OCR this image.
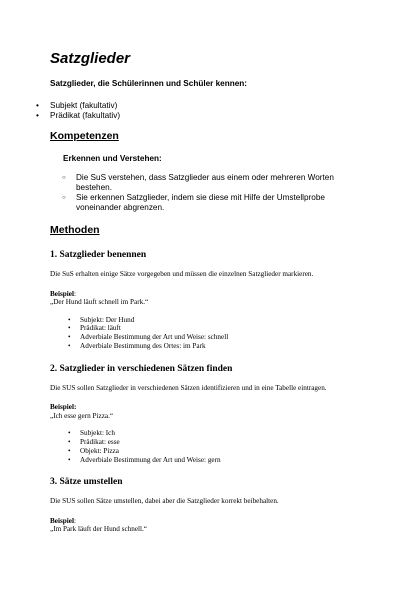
Satzglieder
Satzglieder, die Schülerinnen und Schüler kennen:
• Subjekt (fakultativ)
• Prädikat (fakultativ)
Kompetenzen
Erkennen und Verstehen:
○ Die SuS verstehen, dass Satzglieder aus einem oder mehreren Worten bestehen.
○ Sie erkennen Satzglieder, indem sie diese mit Hilfe der Umstellprobe voneinander abgrenzen.
Methoden
1. Satzglieder benennen

Die SuS erhalten einige Sätze vorgegeben und müssen die einzelnen Satzglieder markieren.

Beispiel:
„Der Hund läuft schnell im Park.“
• Subjekt: Der Hund
• Prädikat: läuft
• Adverbiale Bestimmung der Art und Weise: schnell
• Adverbiale Bestimmung des Ortes: im Park
2. Satzglieder in verschiedenen Sätzen finden

Die SUS sollen Satzglieder in verschiedenen Sätzen identifizieren und in eine Tabelle eintragen.

Beispiel:
„Ich esse gern Pizza.“
• Subjekt: Ich
• Prädikat: esse
• Objekt: Pizza
• Adverbiale Bestimmung der Art und Weise: gern
3. Sätze umstellen

Die SUS sollen Sätze umstellen, dabei aber die Satzglieder korrekt beibehalten.

Beispiel:
„Im Park läuft der Hund schnell.“
